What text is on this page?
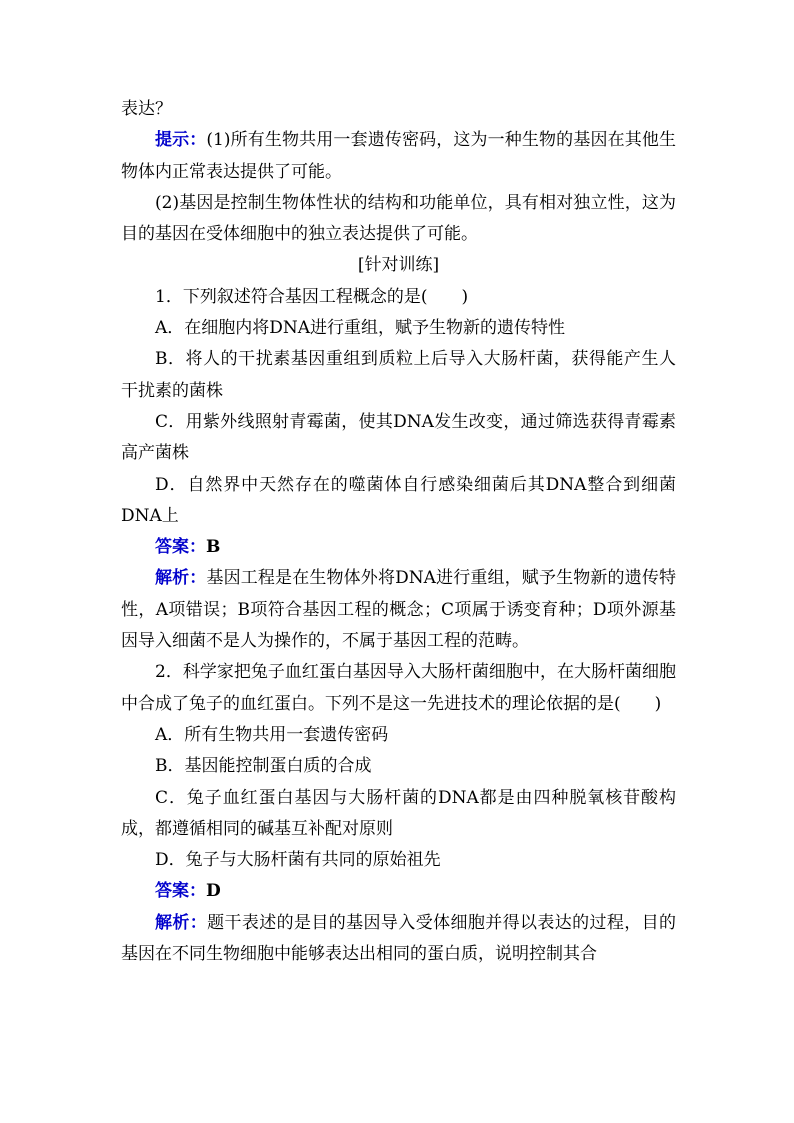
表达？

提示：(1)所有生物共用一套遗传密码，这为一种生物的基因在其他生物体内正常表达提供了可能。

(2)基因是控制生物体性状的结构和功能单位，具有相对独立性，这为目的基因在受体细胞中的独立表达提供了可能。

[针对训练]

1．下列叙述符合基因工程概念的是(　　)

A．在细胞内将DNA进行重组，赋予生物新的遗传特性

B．将人的干扰素基因重组到质粒上后导入大肠杆菌，获得能产生人干扰素的菌株

C．用紫外线照射青霉菌，使其DNA发生改变，通过筛选获得青霉素高产菌株

D．自然界中天然存在的噬菌体自行感染细菌后其DNA整合到细菌DNA上

答案：B

解析：基因工程是在生物体外将DNA进行重组，赋予生物新的遗传特性，A项错误；B项符合基因工程的概念；C项属于诱变育种；D项外源基因导入细菌不是人为操作的，不属于基因工程的范畴。

2．科学家把兔子血红蛋白基因导入大肠杆菌细胞中，在大肠杆菌细胞中合成了兔子的血红蛋白。下列不是这一先进技术的理论依据的是(　　)

A．所有生物共用一套遗传密码

B．基因能控制蛋白质的合成

C．兔子血红蛋白基因与大肠杆菌的DNA都是由四种脱氧核苷酸构成，都遵循相同的碱基互补配对原则

D．兔子与大肠杆菌有共同的原始祖先

答案：D

解析：题干表述的是目的基因导入受体细胞并得以表达的过程，目的基因在不同生物细胞中能够表达出相同的蛋白质，说明控制其合
